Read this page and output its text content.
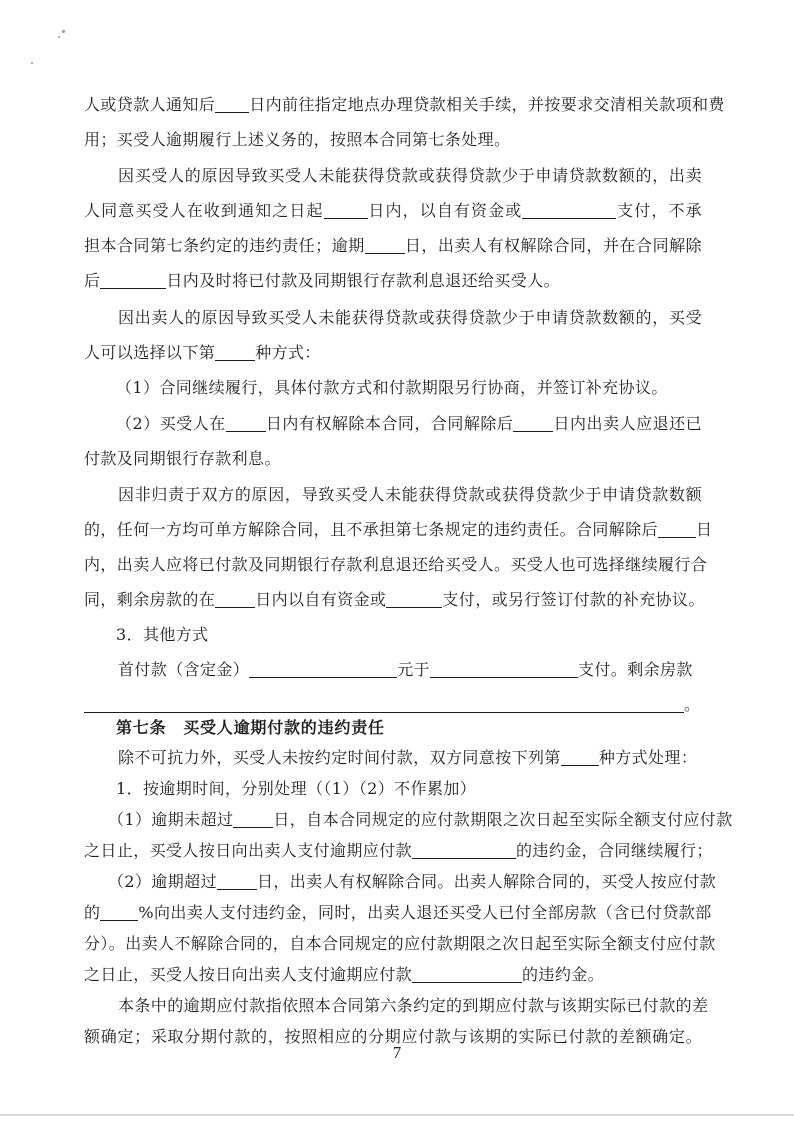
人或贷款人通知后 日内前往指定地点办理贷款相关手续，并按要求交清相关款项和费
用；买受人逾期履行上述义务的，按照本合同第七条处理。
因买受人的原因导致买受人未能获得贷款或获得贷款少于申请贷款数额的，出卖
人同意买受人在收到通知之日起	日内，以自有资金或	支付，不承
担本合同第七条约定的违约责任；逾期	日，出卖人有权解除合同，并在合同解除
后	日内及时将已付款及同期银行存款利息退还给买受人。
因出卖人的原因导致买受人未能获得贷款或获得贷款少于申请贷款数额的，买受
人可以选择以下第	种方式：
（1）合同继续履行，具体付款方式和付款期限另行协商，并签订补充协议。
（2）买受人在	日内有权解除本合同，合同解除后	日内出卖人应退还已
付款及同期银行存款利息。
因非归责于双方的原因，导致买受人未能获得贷款或获得贷款少于申请贷款数额
的，任何一方均可单方解除合同，且不承担第七条规定的违约责任。合同解除后 日
内，出卖人应将已付款及同期银行存款利息退还给买受人。买受人也可选择继续履行合
同，剩余房款的在	日内以自有资金或	支付，或另行签订付款的补充协议。
3．其他方式
首付款（含定金）	元于	支付。剩余房款
。
第七条　买受人逾期付款的违约责任
除不可抗力外，买受人未按约定时间付款，双方同意按下列第 种方式处理：
1．按逾期时间，分别处理（（1）（2）不作累加）
（1）逾期未超过	日，自本合同规定的应付款期限之次日起至实际全额支付应付款
之日止，买受人按日向出卖人支付逾期应付款	的违约金，合同继续履行；
（2）逾期超过	日，出卖人有权解除合同。出卖人解除合同的，买受人按应付款
的 %向出卖人支付违约金，同时，出卖人退还买受人已付全部房款（含已付贷款部
分）。出卖人不解除合同的，自本合同规定的应付款期限之次日起至实际全额支付应付款
之日止，买受人按日向出卖人支付逾期应付款	的违约金。
本条中的逾期应付款指依照本合同第六条约定的到期应付款与该期实际已付款的差
额确定；采取分期付款的，按照相应的分期应付款与该期的实际已付款的差额确定。
7
